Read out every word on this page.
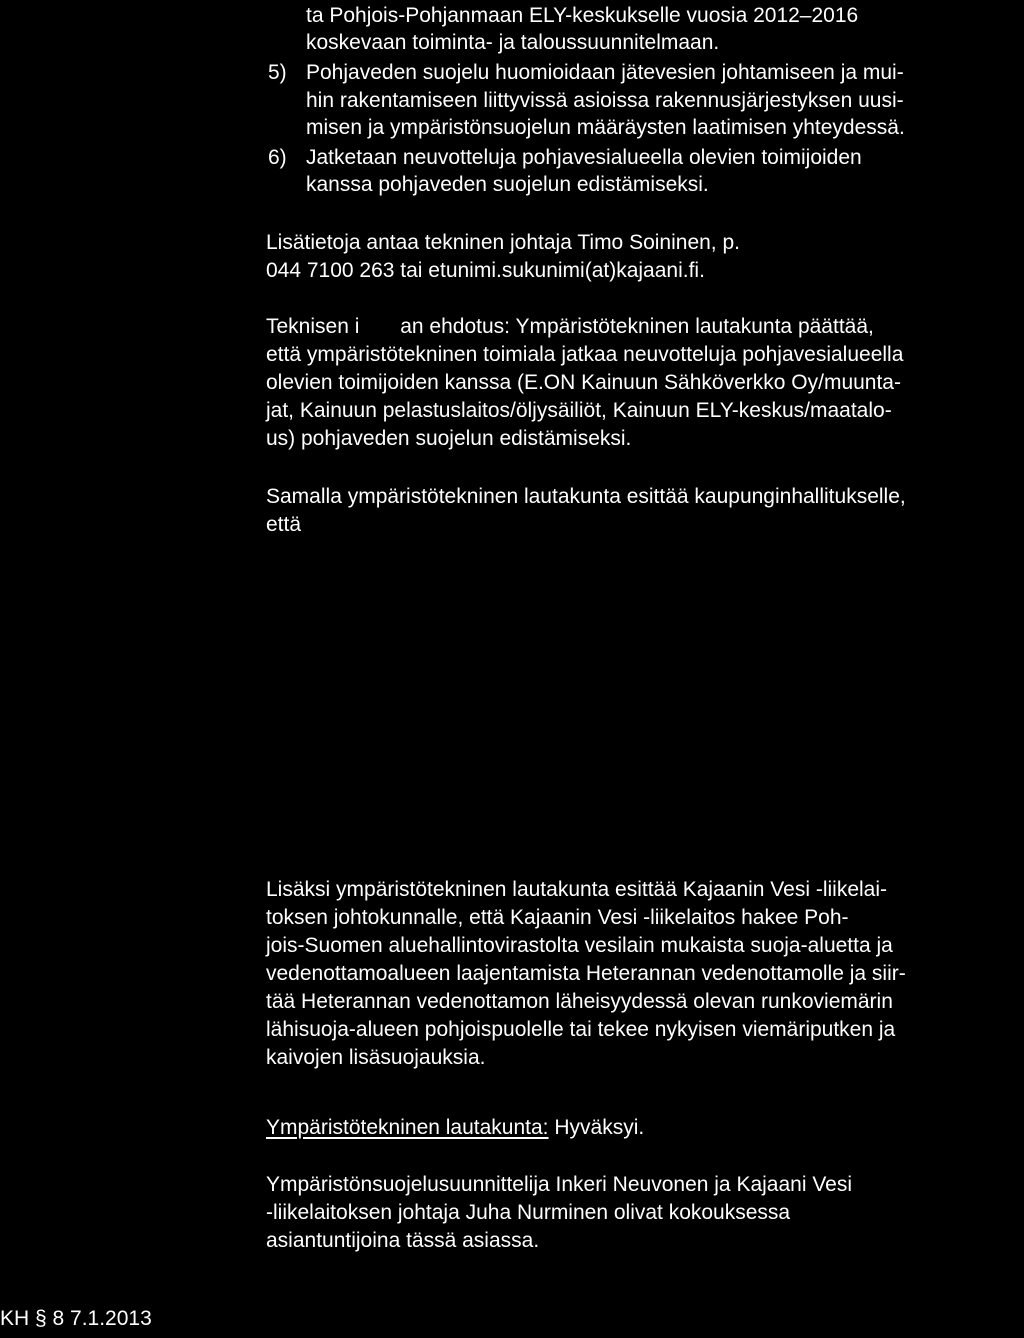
ta Pohjois-Pohjanmaan ELY-keskukselle vuosia 2012–2016
koskevaan toiminta- ja taloussuunnitelmaan.
5) Pohjaveden suojelu huomioidaan jätevesien johtamiseen ja mui-
hin rakentamiseen liittyvissä asioissa rakennusjärjestyksen uusi-
misen ja ympäristönsuojelun määräysten laatimisen yhteydessä.
6) Jatketaan neuvotteluja pohjavesialueella olevien toimijoiden
kanssa pohjaveden suojelun edistämiseksi.
Lisätietoja antaa tekninen johtaja Timo Soininen, p.
044 7100 263 tai etunimi.sukunimi(at)kajaani.fi.
Teknisen i       an ehdotus: Ympäristötekninen lautakunta päättää,
että ympäristötekninen toimiala jatkaa neuvotteluja pohjavesialueella
olevien toimijoiden kanssa (E.ON Kainuun Sähköverkko Oy/muunta-
jat, Kainuun pelastuslaitos/öljysäiliöt, Kainuun ELY-keskus/maatalo-
us) pohjaveden suojelun edistämiseksi.
Samalla ympäristötekninen lautakunta esittää kaupunginhallitukselle,
että
Lisäksi ympäristötekninen lautakunta esittää Kajaanin Vesi -liikelai-
toksen johtokunnalle, että Kajaanin Vesi -liikelaitos hakee Poh-
jois-Suomen aluehallintovirastolta vesilain mukaista suoja-aluetta ja
vedenottamoalueen laajentamista Heterannan vedenottamolle ja siir-
tää Heterannan vedenottamon läheisyydessä olevan runkoviemärin
lähisuoja-alueen pohjoispuolelle tai tekee nykyisen viemäriputken ja
kaivojen lisäsuojauksia.
Ympäristötekninen lautakunta: Hyväksyi.
Ympäristönsuojelusuunnittelija Inkeri Neuvonen ja Kajaani Vesi
-liikelaitoksen johtaja Juha Nurminen olivat kokouksessa
asiantuntijoina tässä asiassa.
KH § 8 7.1.2013
